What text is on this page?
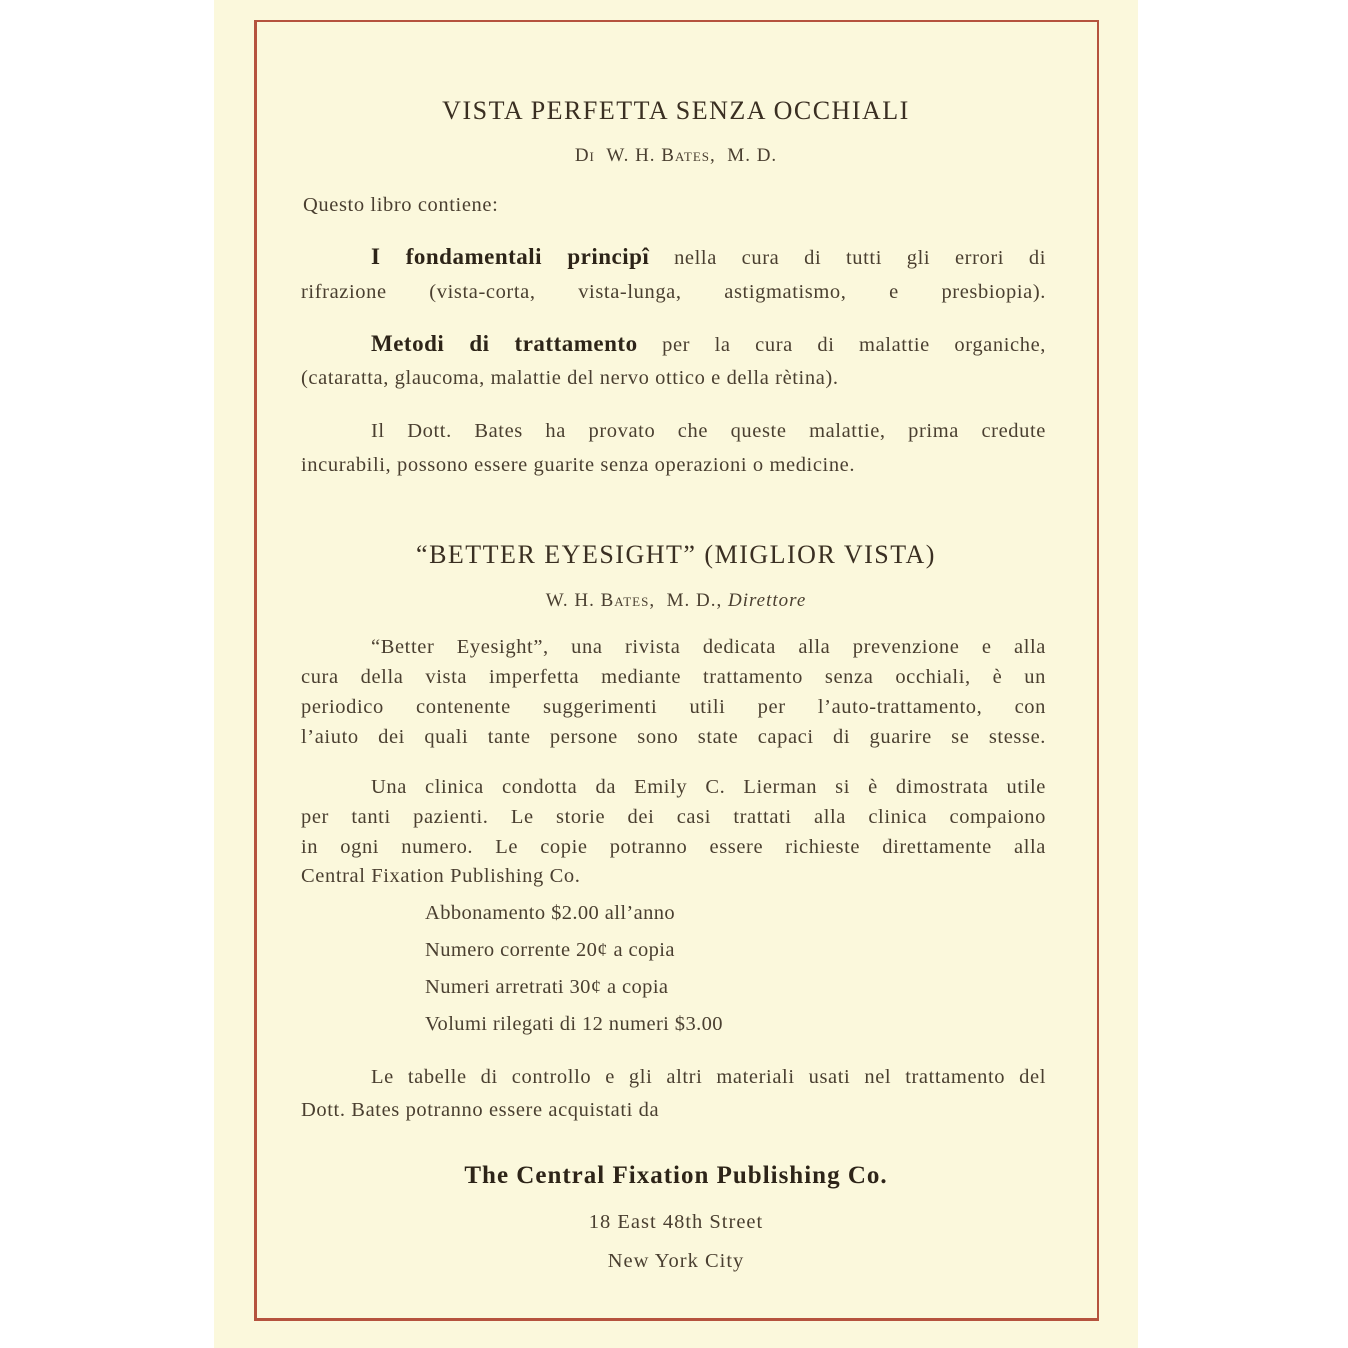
VISTA PERFETTA SENZA OCCHIALI
Di W. H. Bates, M. D.
Questo libro contiene:
I fondamentali principî nella cura di tutti gli errori di
rifrazione (vista-corta, vista-lunga, astigmatismo, e presbiopia).
Metodi di trattamento per la cura di malattie organiche,
(cataratta, glaucoma, malattie del nervo ottico e della rètina).
Il Dott. Bates ha provato che queste malattie, prima credute
incurabili, possono essere guarite senza operazioni o medicine.
“BETTER EYESIGHT” (MIGLIOR VISTA)
W. H. Bates, M. D., Direttore
“Better Eyesight”, una rivista dedicata alla prevenzione e alla
cura della vista imperfetta mediante trattamento senza occhiali, è un
periodico contenente suggerimenti utili per l’auto-trattamento, con
l’aiuto dei quali tante persone sono state capaci di guarire se stesse.
Una clinica condotta da Emily C. Lierman si è dimostrata utile
per tanti pazienti. Le storie dei casi trattati alla clinica compaiono
in ogni numero. Le copie potranno essere richieste direttamente alla
Central Fixation Publishing Co.
Abbonamento $2.00 all’anno
Numero corrente 20¢ a copia
Numeri arretrati 30¢ a copia
Volumi rilegati di 12 numeri $3.00
Le tabelle di controllo e gli altri materiali usati nel trattamento del
Dott. Bates potranno essere acquistati da
The Central Fixation Publishing Co.
18 East 48th Street
New York City
